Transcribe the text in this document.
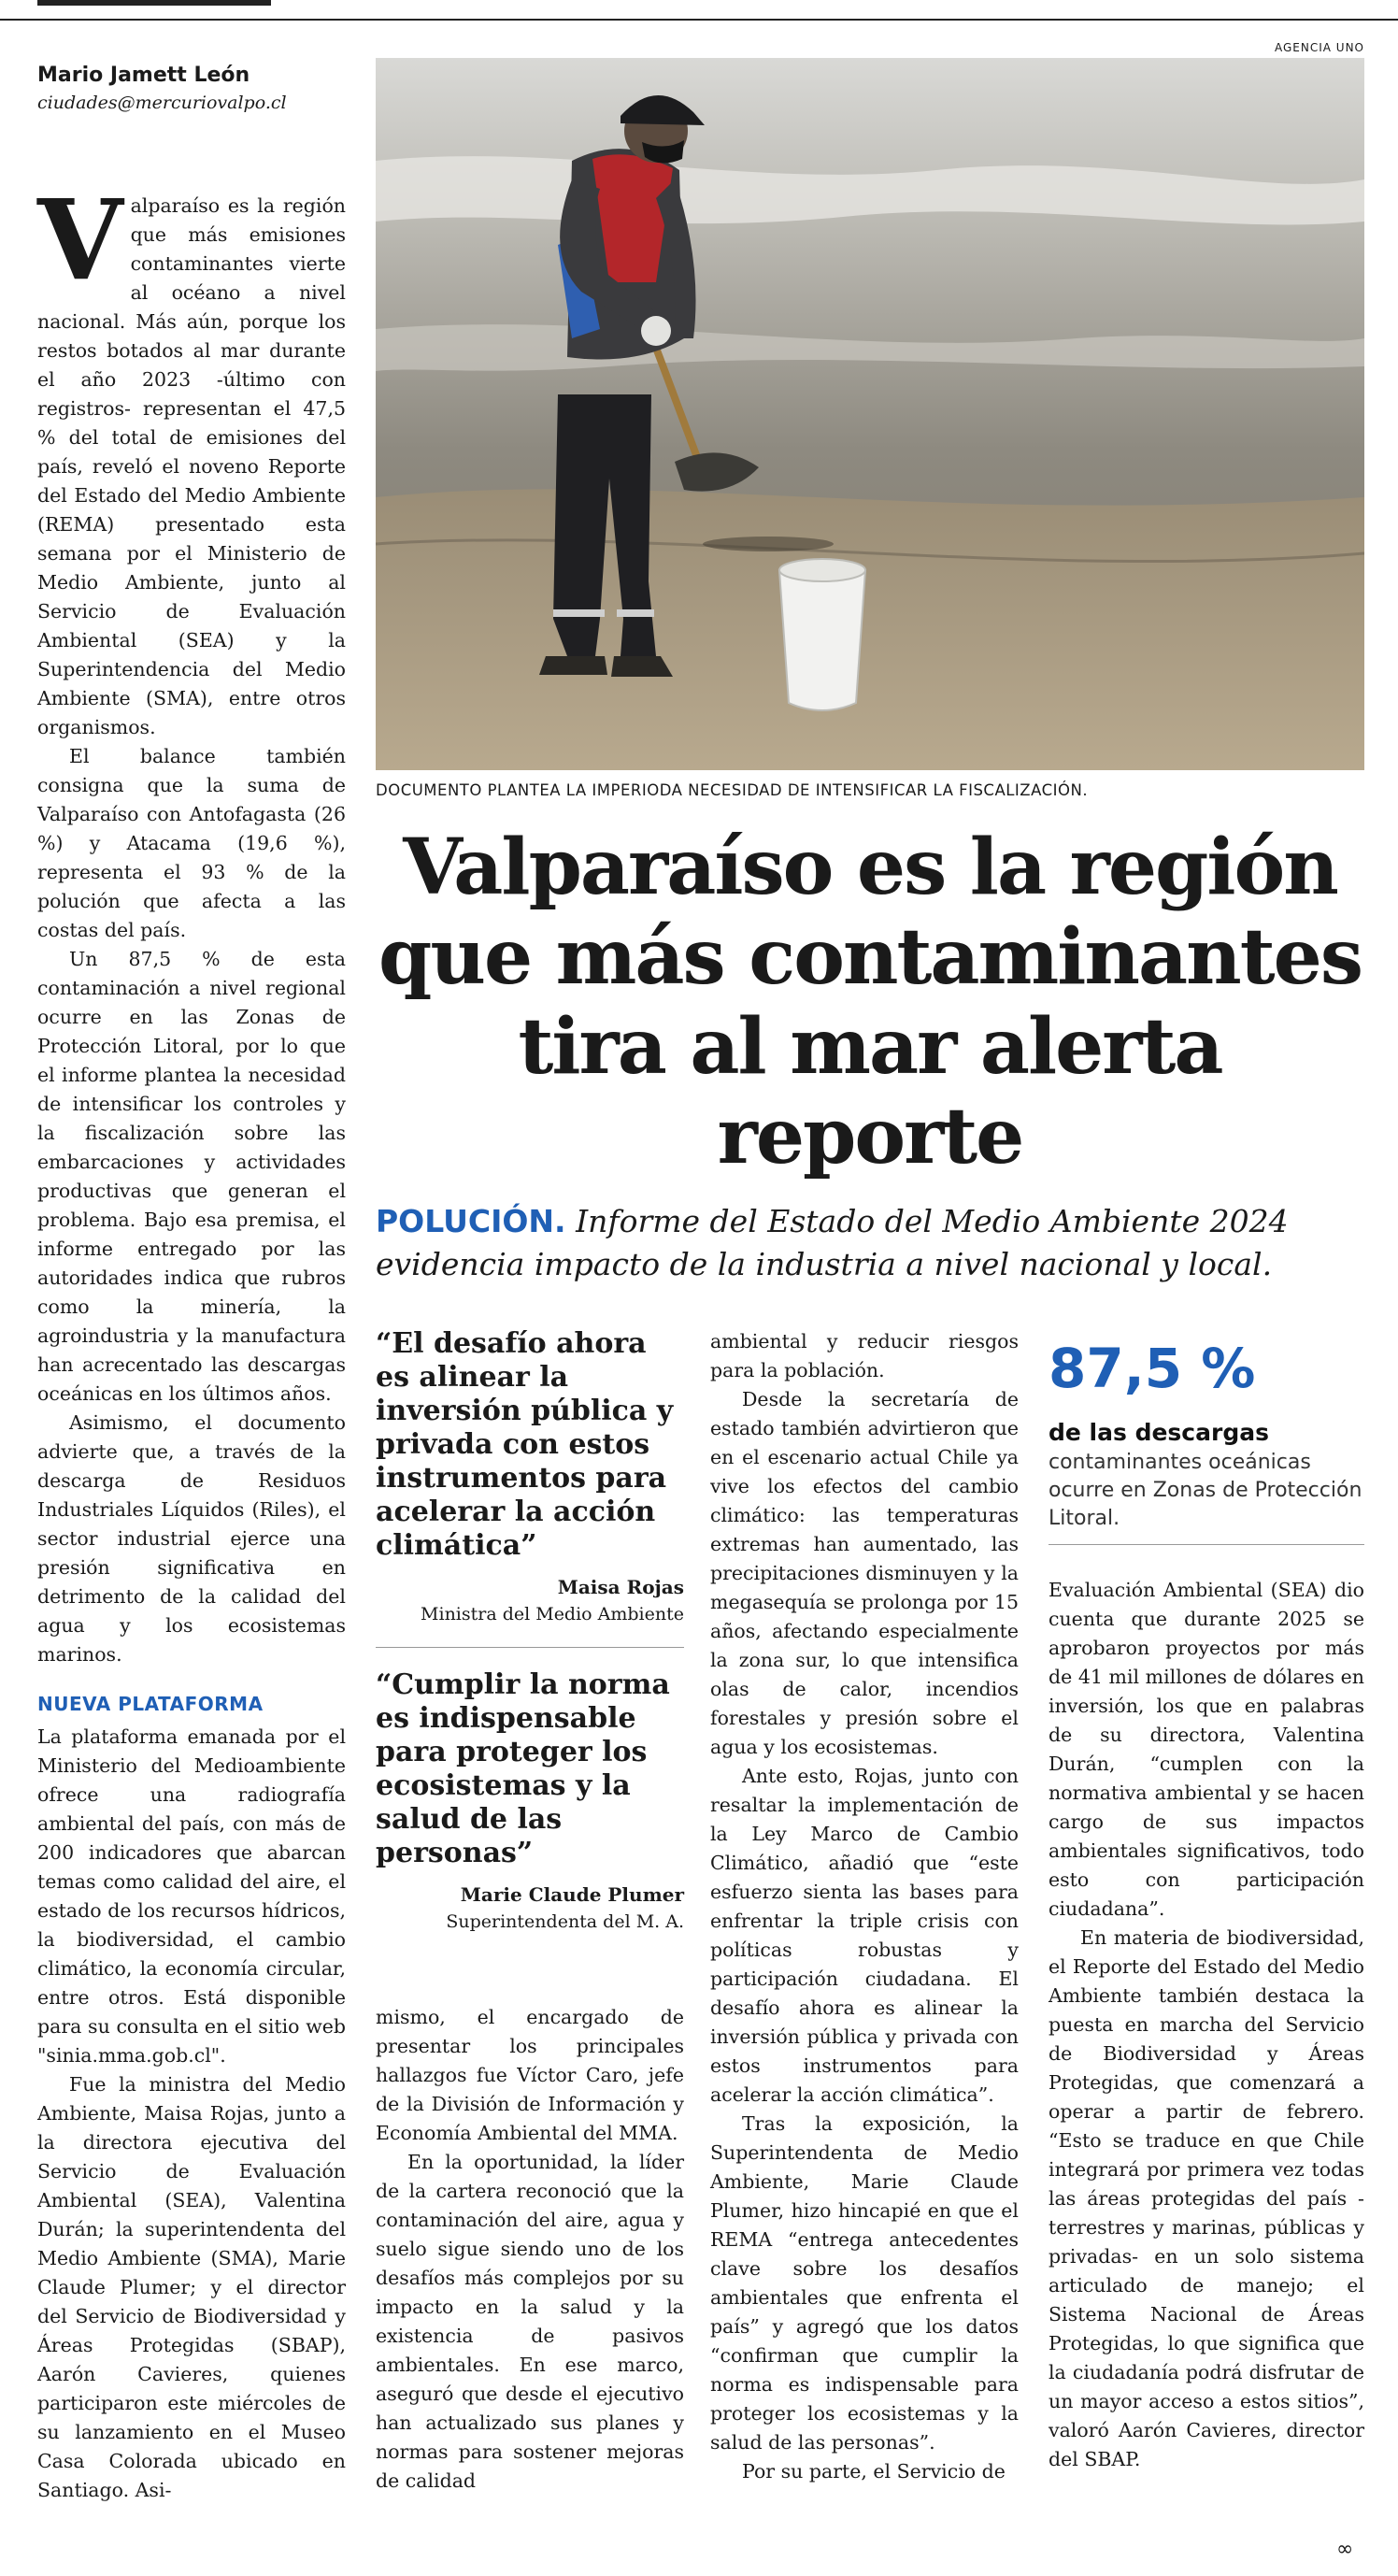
Mario Jamett León
ciudades@mercuriovalpo.cl

Valparaíso es la región que más emisiones contaminantes vierte al océano a nivel nacional. Más aún, porque los restos botados al mar durante el año 2023 -último con registros- representan el 47,5 % del total de emisiones del país, reveló el noveno Reporte del Estado del Medio Ambiente (REMA) presentado esta semana por el Ministerio de Medio Ambiente, junto al Servicio de Evaluación Ambiental (SEA) y la Superintendencia del Medio Ambiente (SMA), entre otros organismos.

El balance también consigna que la suma de Valparaíso con Antofagasta (26 %) y Atacama (19,6 %), representa el 93 % de la polución que afecta a las costas del país.

Un 87,5 % de esta contaminación a nivel regional ocurre en las Zonas de Protección Litoral, por lo que el informe plantea la necesidad de intensificar los controles y la fiscalización sobre las embarcaciones y actividades productivas que generan el problema. Bajo esa premisa, el informe entregado por las autoridades indica que rubros como la minería, la agroindustria y la manufactura han acrecentado las descargas oceánicas en los últimos años.

Asimismo, el documento advierte que, a través de la descarga de Residuos Industriales Líquidos (Riles), el sector industrial ejerce una presión significativa en detrimento de la calidad del agua y los ecosistemas marinos.

NUEVA PLATAFORMA

La plataforma emanada por el Ministerio del Medioambiente ofrece una radiografía ambiental del país, con más de 200 indicadores que abarcan temas como calidad del aire, el estado de los recursos hídricos, la biodiversidad, el cambio climático, la economía circular, entre otros. Está disponible para su consulta en el sitio web "sinia.mma.gob.cl".

Fue la ministra del Medio Ambiente, Maisa Rojas, junto a la directora ejecutiva del Servicio de Evaluación Ambiental (SEA), Valentina Durán; la superintendenta del Medio Ambiente (SMA), Marie Claude Plumer; y el director del Servicio de Biodiversidad y Áreas Protegidas (SBAP), Aarón Cavieres, quienes participaron este miércoles de su lanzamiento en el Museo Casa Colorada ubicado en Santiago. Asi-

AGENCIA UNO
DOCUMENTO PLANTEA LA IMPERIODA NECESIDAD DE INTENSIFICAR LA FISCALIZACIÓN.
Valparaíso es la región que más contaminantes tira al mar alerta reporte
POLUCIÓN. Informe del Estado del Medio Ambiente 2024 evidencia impacto de la industria a nivel nacional y local.
“El desafío ahora es alinear la inversión pública y privada con estos instrumentos para acelerar la acción climática”
Maisa Rojas
Ministra del Medio Ambiente
“Cumplir la norma es indispensable para proteger los ecosistemas y la salud de las personas”
Marie Claude Plumer
Superintendenta del M. A.

mismo, el encargado de presentar los principales hallazgos fue Víctor Caro, jefe de la División de Información y Economía Ambiental del MMA.

En la oportunidad, la líder de la cartera reconoció que la contaminación del aire, agua y suelo sigue siendo uno de los desafíos más complejos por su impacto en la salud y la existencia de pasivos ambientales. En ese marco, aseguró que desde el ejecutivo han actualizado sus planes y normas para sostener mejoras de calidad

ambiental y reducir riesgos para la población.

Desde la secretaría de estado también advirtieron que en el escenario actual Chile ya vive los efectos del cambio climático: las temperaturas extremas han aumentado, las precipitaciones disminuyen y la megasequía se prolonga por 15 años, afectando especialmente la zona sur, lo que intensifica olas de calor, incendios forestales y presión sobre el agua y los ecosistemas.

Ante esto, Rojas, junto con resaltar la implementación de la Ley Marco de Cambio Climático, añadió que “este esfuerzo sienta las bases para enfrentar la triple crisis con políticas robustas y participación ciudadana. El desafío ahora es alinear la inversión pública y privada con estos instrumentos para acelerar la acción climática”.

Tras la exposición, la Superintendenta de Medio Ambiente, Marie Claude Plumer, hizo hincapié en que el REMA “entrega antecedentes clave sobre los desafíos ambientales que enfrenta el país” y agregó que los datos “confirman que cumplir la norma es indispensable para proteger los ecosistemas y la salud de las personas”.

Por su parte, el Servicio de

87,5 %
de las descargas contaminantes oceánicas ocurre en Zonas de Protección Litoral.

Evaluación Ambiental (SEA) dio cuenta que durante 2025 se aprobaron proyectos por más de 41 mil millones de dólares en inversión, los que en palabras de su directora, Valentina Durán, “cumplen con la normativa ambiental y se hacen cargo de sus impactos ambientales significativos, todo esto con participación ciudadana”.

En materia de biodiversidad, el Reporte del Estado del Medio Ambiente también destaca la puesta en marcha del Servicio de Biodiversidad y Áreas Protegidas, que comenzará a operar a partir de febrero. “Esto se traduce en que Chile integrará por primera vez todas las áreas protegidas del país -terrestres y marinas, públicas y privadas- en un solo sistema articulado de manejo; el Sistema Nacional de Áreas Protegidas, lo que significa que la ciudadanía podrá disfrutar de un mayor acceso a estos sitios”, valoró Aarón Cavieres, director del SBAP.

∞
